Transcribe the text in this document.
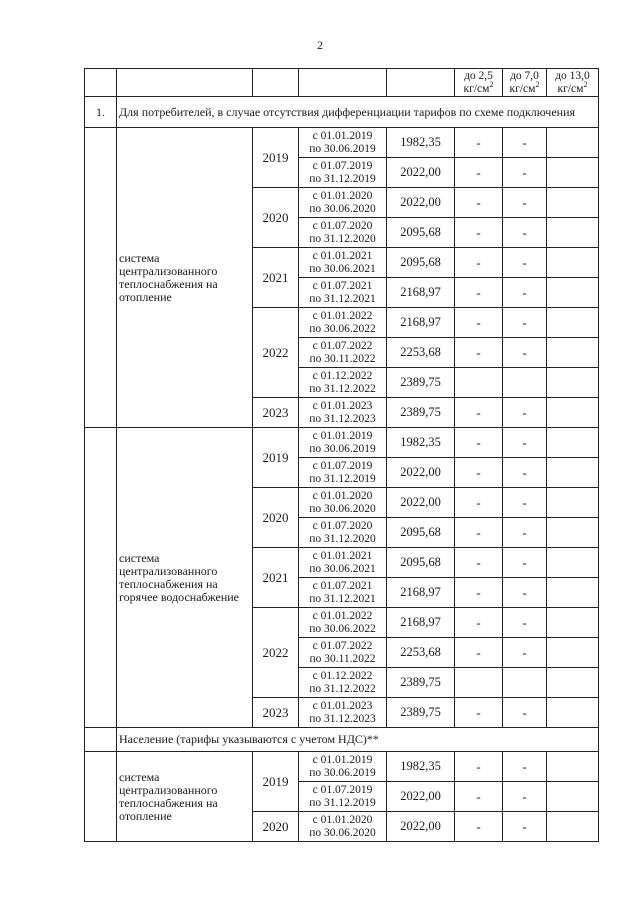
2
					до 2,5
$кг/см^2$	до 7,0
$кг/см^2$	до 13,0
$кг/см^2$
1.	Для потребителей, в случае отсутствия дифференциации тарифов по схеме подключения						
	система централизованного теплоснабжения на отопление	2019	с 01.01.2019
по 30.06.2019	1982,35	-	-	
			с 01.07.2019
по 31.12.2019	2022,00	-	-	
		2020	с 01.01.2020
по 30.06.2020	2022,00	-	-	
			с 01.07.2020
по 31.12.2020	2095,68	-	-	
		2021	с 01.01.2021
по 30.06.2021	2095,68	-	-	
			с 01.07.2021
по 31.12.2021	2168,97	-	-	
		2022	с 01.01.2022
по 30.06.2022	2168,97	-	-	
			с 01.07.2022
по 30.11.2022	2253,68	-	-	
			с 01.12.2022
по 31.12.2022	2389,75			
		2023	с 01.01.2023
по 31.12.2023	2389,75	-	-	
	система централизованного теплоснабжения на горячее водоснабжение	2019	с 01.01.2019
по 30.06.2019	1982,35	-	-	
			с 01.07.2019
по 31.12.2019	2022,00	-	-	
		2020	с 01.01.2020
по 30.06.2020	2022,00	-	-	
			с 01.07.2020
по 31.12.2020	2095,68	-	-	
		2021	с 01.01.2021
по 30.06.2021	2095,68	-	-	
			с 01.07.2021
по 31.12.2021	2168,97	-	-	
		2022	с 01.01.2022
по 30.06.2022	2168,97	-	-	
			с 01.07.2022
по 30.11.2022	2253,68	-	-	
			с 01.12.2022
по 31.12.2022	2389,75			
		2023	с 01.01.2023
по 31.12.2023	2389,75	-	-	
	Население (тарифы указываются с учетом НДС)**						
	система централизованного теплоснабжения на отопление	2019	с 01.01.2019
по 30.06.2019	1982,35	-	-	
			с 01.07.2019
по 31.12.2019	2022,00	-	-	
		2020	с 01.01.2020
по 30.06.2020	2022,00	-	-	
